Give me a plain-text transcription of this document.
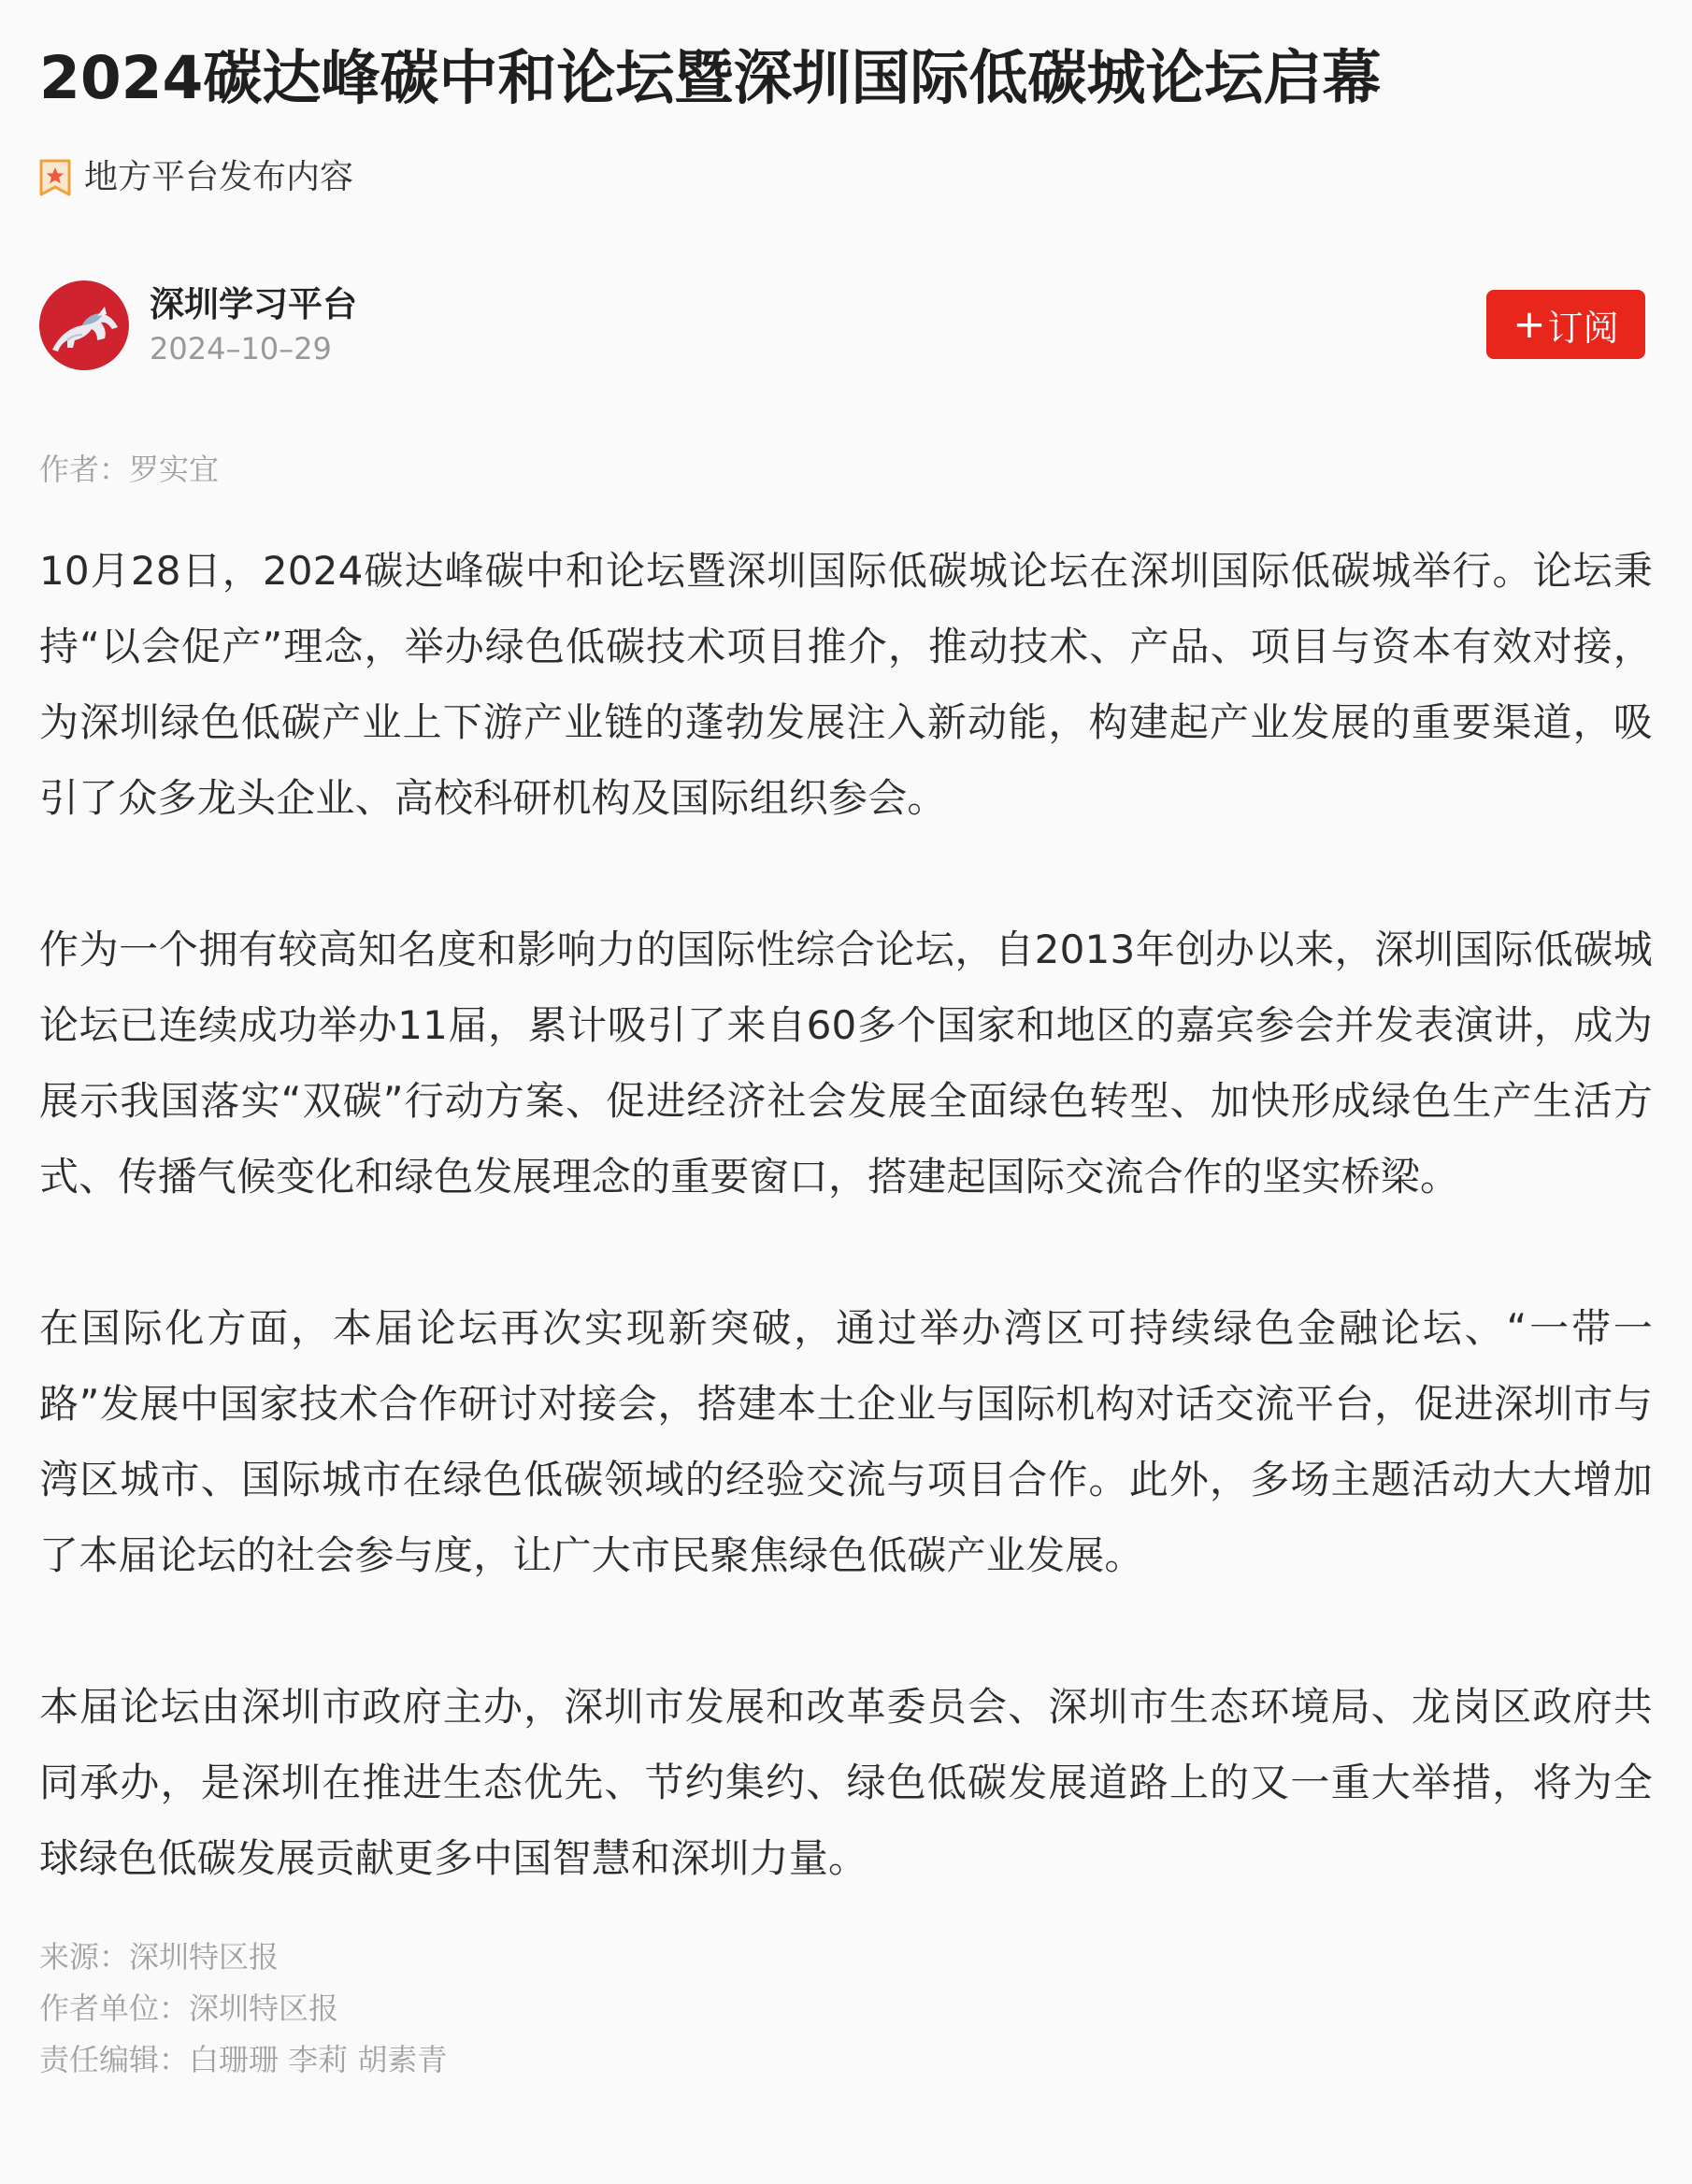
2024碳达峰碳中和论坛暨深圳国际低碳城论坛启幕
地方平台发布内容
深圳学习平台
2024–10–29
+ 订阅
作者：罗实宜

10月28日，2024碳达峰碳中和论坛暨深圳国际低碳城论坛在深圳国际低碳城举行。论坛秉持“以会促产”理念，举办绿色低碳技术项目推介，推动技术、产品、项目与资本有效对接，为深圳绿色低碳产业上下游产业链的蓬勃发展注入新动能，构建起产业发展的重要渠道，吸引了众多龙头企业、高校科研机构及国际组织参会。

作为一个拥有较高知名度和影响力的国际性综合论坛，自2013年创办以来，深圳国际低碳城论坛已连续成功举办11届，累计吸引了来自60多个国家和地区的嘉宾参会并发表演讲，成为展示我国落实“双碳”行动方案、促进经济社会发展全面绿色转型、加快形成绿色生产生活方式、传播气候变化和绿色发展理念的重要窗口，搭建起国际交流合作的坚实桥梁。

在国际化方面，本届论坛再次实现新突破，通过举办湾区可持续绿色金融论坛、“一带一路”发展中国家技术合作研讨对接会，搭建本土企业与国际机构对话交流平台，促进深圳市与湾区城市、国际城市在绿色低碳领域的经验交流与项目合作。此外，多场主题活动大大增加了本届论坛的社会参与度，让广大市民聚焦绿色低碳产业发展。

本届论坛由深圳市政府主办，深圳市发展和改革委员会、深圳市生态环境局、龙岗区政府共同承办，是深圳在推进生态优先、节约集约、绿色低碳发展道路上的又一重大举措，将为全球绿色低碳发展贡献更多中国智慧和深圳力量。

来源：深圳特区报
作者单位：深圳特区报
责任编辑：白珊珊 李莉 胡素青
